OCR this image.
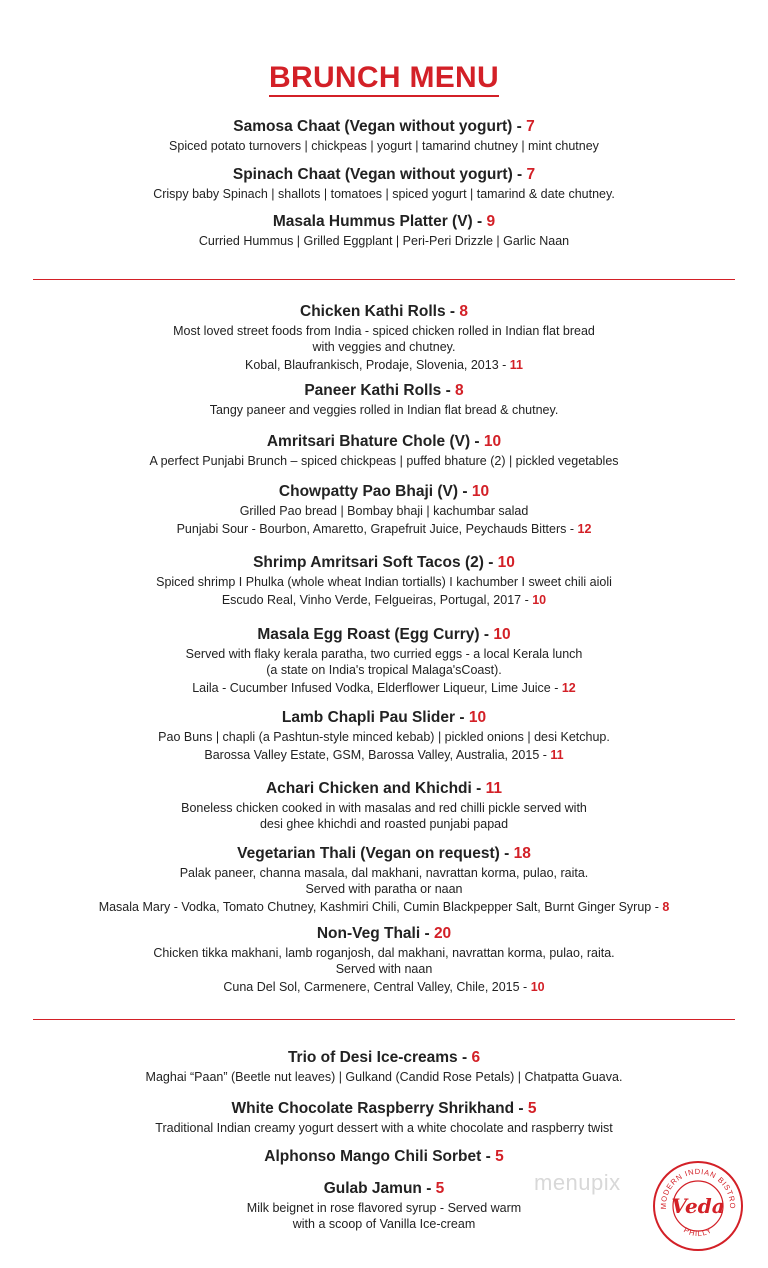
BRUNCH MENU
Samosa Chaat (Vegan without yogurt) - 7
Spiced potato turnovers | chickpeas | yogurt | tamarind chutney | mint chutney
Spinach Chaat (Vegan without yogurt) - 7
Crispy baby Spinach | shallots | tomatoes | spiced yogurt | tamarind & date chutney.
Masala Hummus Platter (V) - 9
Curried Hummus | Grilled Eggplant | Peri-Peri Drizzle | Garlic Naan
Chicken Kathi Rolls - 8
Most loved street foods from India - spiced chicken rolled in Indian flat bread
with veggies and chutney.
Kobal, Blaufrankisch, Prodaje, Slovenia, 2013 - 11
Paneer Kathi Rolls - 8
Tangy paneer and veggies rolled in Indian flat bread & chutney.
Amritsari Bhature Chole (V) - 10
A perfect Punjabi Brunch – spiced chickpeas | puffed bhature (2) | pickled vegetables
Chowpatty Pao Bhaji (V) - 10
Grilled Pao bread | Bombay bhaji | kachumbar salad
Punjabi Sour - Bourbon, Amaretto, Grapefruit Juice, Peychauds Bitters - 12
Shrimp Amritsari Soft Tacos (2) - 10
Spiced shrimp I Phulka (whole wheat Indian tortialls) I kachumber I sweet chili aioli
Escudo Real, Vinho Verde, Felgueiras, Portugal, 2017 - 10
Masala Egg Roast (Egg Curry) - 10
Served with flaky kerala paratha, two curried eggs - a local Kerala lunch
(a state on India's tropical Malaga'sCoast).
Laila - Cucumber Infused Vodka, Elderflower Liqueur, Lime Juice - 12
Lamb Chapli Pau Slider - 10
Pao Buns | chapli (a Pashtun-style minced kebab) | pickled onions | desi Ketchup.
Barossa Valley Estate, GSM, Barossa Valley, Australia, 2015 - 11
Achari Chicken and Khichdi - 11
Boneless chicken cooked in with masalas and red chilli pickle served with
desi ghee khichdi and roasted punjabi papad
Vegetarian Thali (Vegan on request) - 18
Palak paneer, channa masala, dal makhani, navrattan korma, pulao, raita.
Served with paratha or naan
Masala Mary - Vodka, Tomato Chutney, Kashmiri Chili, Cumin Blackpepper Salt, Burnt Ginger Syrup - 8
Non-Veg Thali - 20
Chicken tikka makhani, lamb roganjosh, dal makhani, navrattan korma, pulao, raita.
Served with naan
Cuna Del Sol, Carmenere, Central Valley, Chile, 2015 - 10
Trio of Desi Ice-creams - 6
Maghai “Paan” (Beetle nut leaves) | Gulkand (Candid Rose Petals) | Chatpatta Guava.
White Chocolate Raspberry Shrikhand - 5
Traditional Indian creamy yogurt dessert with a white chocolate and raspberry twist
Alphonso Mango Chili Sorbet - 5
Gulab Jamun - 5
Milk beignet in rose flavored syrup - Served warm
with a scoop of Vanilla Ice-cream
menupix
MODERN INDIAN BISTRO
PHILLY
Veda
